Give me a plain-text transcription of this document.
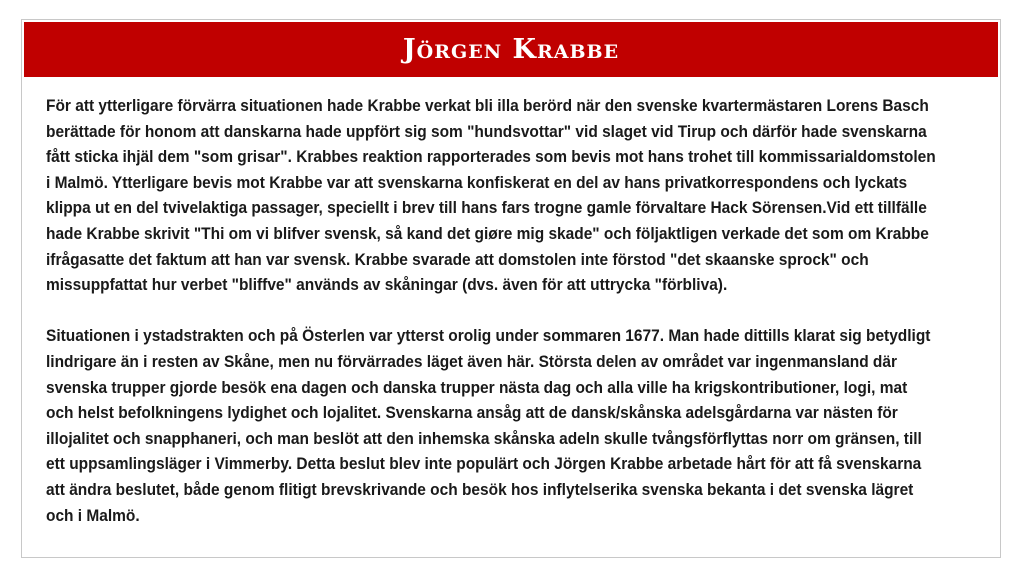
Jörgen Krabbe

För att ytterligare förvärra situationen hade Krabbe verkat bli illa berörd när den svenske kvartermästaren Lorens Basch berättade för honom att danskarna hade uppfört sig som "hundsvottar" vid slaget vid Tirup och därför hade svenskarna fått sticka ihjäl dem "som grisar". Krabbes reaktion rapporterades som bevis mot hans trohet till kommissarialdomstolen i Malmö. Ytterligare bevis mot Krabbe var att svenskarna konfiskerat en del av hans privatkorrespondens och lyckats klippa ut en del tvivelaktiga passager, speciellt i brev till hans fars trogne gamle förvaltare Hack Sörensen.Vid ett tillfälle hade Krabbe skrivit "Thi om vi blifver svensk, så kand det giøre mig skade" och följaktligen verkade det som om Krabbe ifrågasatte det faktum att han var svensk. Krabbe svarade att domstolen inte förstod "det skaanske sprock" och missuppfattat hur verbet "bliffve" används av skåningar (dvs. även för att uttrycka "förbliva).

Situationen i ystadstrakten och på Österlen var ytterst orolig under sommaren 1677. Man hade dittills klarat sig betydligt lindrigare än i resten av Skåne, men nu förvärrades läget även här. Största delen av området var ingenmansland där svenska trupper gjorde besök ena dagen och danska trupper nästa dag och alla ville ha krigskontributioner, logi, mat och helst befolkningens lydighet och lojalitet. Svenskarna ansåg att de dansk/skånska adelsgårdarna var nästen för illojalitet och snapphaneri, och man beslöt att den inhemska skånska adeln skulle tvångsförflyttas norr om gränsen, till ett uppsamlingsläger i Vimmerby. Detta beslut blev inte populärt och Jörgen Krabbe arbetade hårt för att få svenskarna att ändra beslutet, både genom flitigt brevskrivande och besök hos inflytelserika svenska bekanta i det svenska lägret och i Malmö.
